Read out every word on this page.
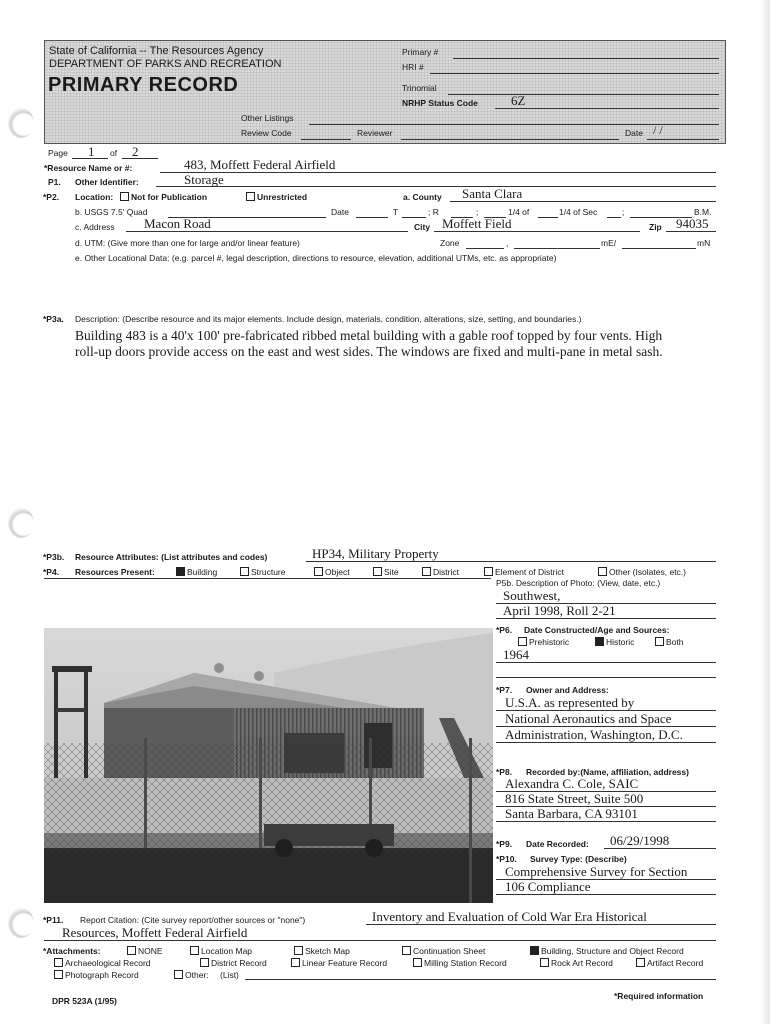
State of California -- The Resources Agency
DEPARTMENT OF PARKS AND RECREATION
PRIMARY RECORD
Primary #
HRI #
Trinomial
NRHP Status Code	6Z
Other Listings
Review Code	Reviewer	Date / /
Page 1 of 2
*Resource Name or #:	483, Moffett Federal Airfield
P1. Other Identifier:	Storage
*P2. Location:	Not for Publication	Unrestricted	a. County Santa Clara
b. USGS 7.5' Quad	Date	T	; R	;	1/4 of	1/4 of Sec	;	B.M.
c. Address Macon Road	City Moffett Field	Zip 94035
d. UTM: (Give more than one for large and/or linear feature)	Zone	,	mE/	mN
e. Other Locational Data: (e.g. parcel #, legal description, directions to resource, elevation, additional UTMs, etc. as appropriate)
*P3a. Description: (Describe resource and its major elements. Include design, materials, condition, alterations, size, setting, and boundaries.)
Building 483 is a 40'x 100' pre-fabricated ribbed metal building with a gable roof topped by four vents. High
roll-up doors provide access on the east and west sides. The windows are fixed and multi-pane in metal sash.
*P3b. Resource Attributes: (List attributes and codes)	HP34, Military Property
*P4. Resources Present:	Building	Structure	Object	Site	District	Element of District	Other (Isolates, etc.)
P5b. Description of Photo: (View, date, etc.)
Southwest,
April 1998, Roll 2-21
*P6. Date Constructed/Age and Sources:
Prehistoric	Historic	Both
1964
*P7. Owner and Address:
U.S.A. as represented by
National Aeronautics and Space
Administration, Washington, D.C.
*P8. Recorded by:(Name, affiliation, address)
Alexandra C. Cole, SAIC
816 State Street, Suite 500
Santa Barbara, CA 93101
*P9. Date Recorded: 06/29/1998
*P10. Survey Type: (Describe)
Comprehensive Survey for Section
106 Compliance
*P11. Report Citation: (Cite survey report/other sources or "none")	Inventory and Evaluation of Cold War Era Historical
Resources, Moffett Federal Airfield
*Attachments:	NONE	Location Map	Sketch Map	Continuation Sheet	Building, Structure and Object Record
Archaeological Record	District Record	Linear Feature Record	Milling Station Record	Rock Art Record	Artifact Record
Photograph Record	Other: (List)
DPR 523A (1/95)	*Required information
